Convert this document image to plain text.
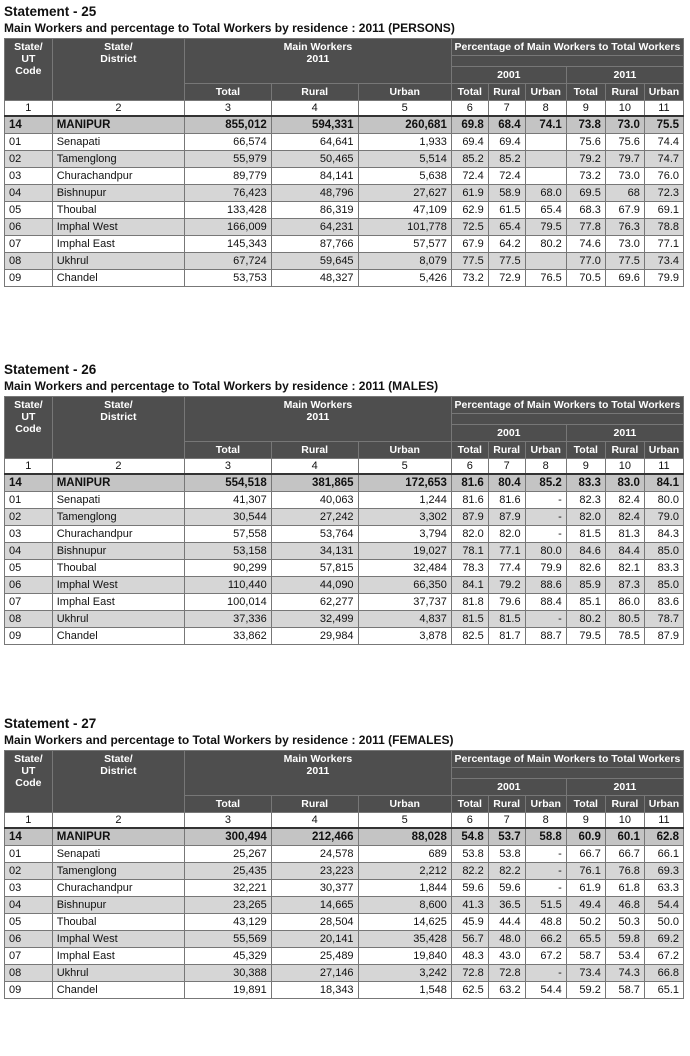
Statement - 25
Main Workers and percentage to Total Workers by residence : 2011 (PERSONS)
State/
UT
Code	State/
District	Main Workers
2011			Percentage of Main Workers to Total Workers					

					2001			2011		
		Total	Rural	Urban	Total	Rural	Urban	Total	Rural	Urban
1	2	3	4	5	6	7	8	9	10	11
14	MANIPUR	855,012	594,331	260,681	69.8	68.4	74.1	73.8	73.0	75.5
01	Senapati	66,574	64,641	1,933	69.4	69.4		75.6	75.6	74.4
02	Tamenglong	55,979	50,465	5,514	85.2	85.2		79.2	79.7	74.7
03	Churachandpur	89,779	84,141	5,638	72.4	72.4		73.2	73.0	76.0
04	Bishnupur	76,423	48,796	27,627	61.9	58.9	68.0	69.5	68	72.3
05	Thoubal	133,428	86,319	47,109	62.9	61.5	65.4	68.3	67.9	69.1
06	Imphal West	166,009	64,231	101,778	72.5	65.4	79.5	77.8	76.3	78.8
07	Imphal East	145,343	87,766	57,577	67.9	64.2	80.2	74.6	73.0	77.1
08	Ukhrul	67,724	59,645	8,079	77.5	77.5		77.0	77.5	73.4
09	Chandel	53,753	48,327	5,426	73.2	72.9	76.5	70.5	69.6	79.9
Statement - 26
Main Workers and percentage to Total Workers by residence : 2011 (MALES)
State/
UT
Code	State/
District	Main Workers
2011			Percentage of Main Workers to Total Workers					

					2001			2011		
		Total	Rural	Urban	Total	Rural	Urban	Total	Rural	Urban
1	2	3	4	5	6	7	8	9	10	11
14	MANIPUR	554,518	381,865	172,653	81.6	80.4	85.2	83.3	83.0	84.1
01	Senapati	41,307	40,063	1,244	81.6	81.6	-	82.3	82.4	80.0
02	Tamenglong	30,544	27,242	3,302	87.9	87.9	-	82.0	82.4	79.0
03	Churachandpur	57,558	53,764	3,794	82.0	82.0	-	81.5	81.3	84.3
04	Bishnupur	53,158	34,131	19,027	78.1	77.1	80.0	84.6	84.4	85.0
05	Thoubal	90,299	57,815	32,484	78.3	77.4	79.9	82.6	82.1	83.3
06	Imphal West	110,440	44,090	66,350	84.1	79.2	88.6	85.9	87.3	85.0
07	Imphal East	100,014	62,277	37,737	81.8	79.6	88.4	85.1	86.0	83.6
08	Ukhrul	37,336	32,499	4,837	81.5	81.5	-	80.2	80.5	78.7
09	Chandel	33,862	29,984	3,878	82.5	81.7	88.7	79.5	78.5	87.9
Statement - 27
Main Workers and percentage to Total Workers by residence : 2011 (FEMALES)
State/
UT
Code	State/
District	Main Workers
2011			Percentage of Main Workers to Total Workers					

					2001			2011		
		Total	Rural	Urban	Total	Rural	Urban	Total	Rural	Urban
1	2	3	4	5	6	7	8	9	10	11
14	MANIPUR	300,494	212,466	88,028	54.8	53.7	58.8	60.9	60.1	62.8
01	Senapati	25,267	24,578	689	53.8	53.8	-	66.7	66.7	66.1
02	Tamenglong	25,435	23,223	2,212	82.2	82.2	-	76.1	76.8	69.3
03	Churachandpur	32,221	30,377	1,844	59.6	59.6	-	61.9	61.8	63.3
04	Bishnupur	23,265	14,665	8,600	41.3	36.5	51.5	49.4	46.8	54.4
05	Thoubal	43,129	28,504	14,625	45.9	44.4	48.8	50.2	50.3	50.0
06	Imphal West	55,569	20,141	35,428	56.7	48.0	66.2	65.5	59.8	69.2
07	Imphal East	45,329	25,489	19,840	48.3	43.0	67.2	58.7	53.4	67.2
08	Ukhrul	30,388	27,146	3,242	72.8	72.8	-	73.4	74.3	66.8
09	Chandel	19,891	18,343	1,548	62.5	63.2	54.4	59.2	58.7	65.1
